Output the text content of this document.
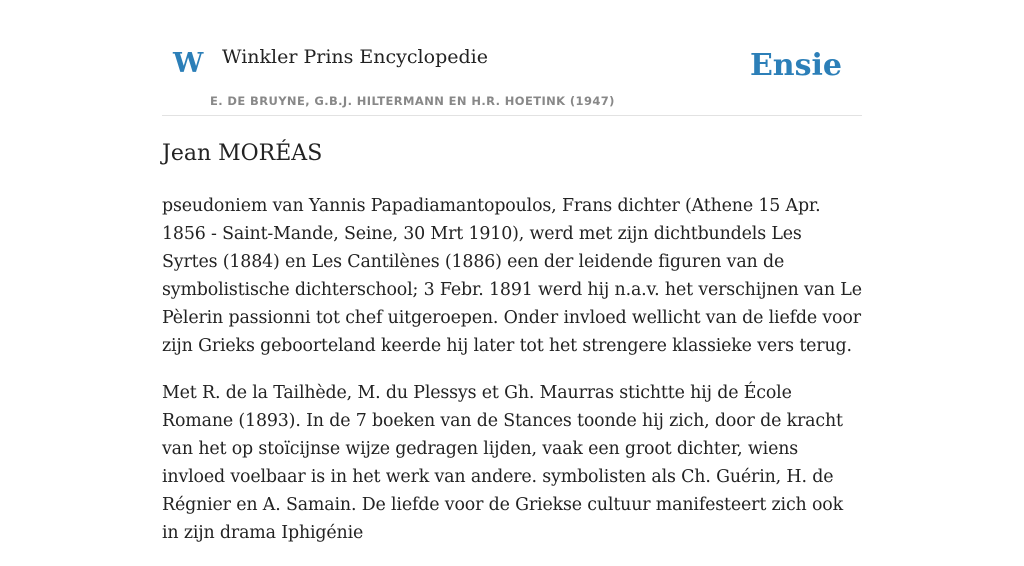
W Winkler Prins Encyclopedie
E. DE BRUYNE, G.B.J. HILTERMANN EN H.R. HOETINK (1947)
Ensie
Jean MORÉAS

pseudoniem van Yannis Papadiamantopoulos, Frans dichter (Athene 15 Apr. 1856 - Saint-Mande, Seine, 30 Mrt 1910), werd met zijn dichtbundels Les Syrtes (1884) en Les Cantilènes (1886) een der leidende figuren van de symbolistische dichterschool; 3 Febr. 1891 werd hij n.a.v. het verschijnen van Le Pèlerin passionni tot chef uitgeroepen. Onder invloed wellicht van de liefde voor zijn Grieks geboorteland keerde hij later tot het strengere klassieke vers terug.

Met R. de la Tailhède, M. du Plessys et Gh. Maurras stichtte hij de École Romane (1893). In de 7 boeken van de Stances toonde hij zich, door de kracht van het op stoïcijnse wijze gedragen lijden, vaak een groot dichter, wiens invloed voelbaar is in het werk van andere. symbolisten als Ch. Guérin, H. de Régnier en A. Samain. De liefde voor de Griekse cultuur manifesteert zich ook in zijn drama Iphigénie
